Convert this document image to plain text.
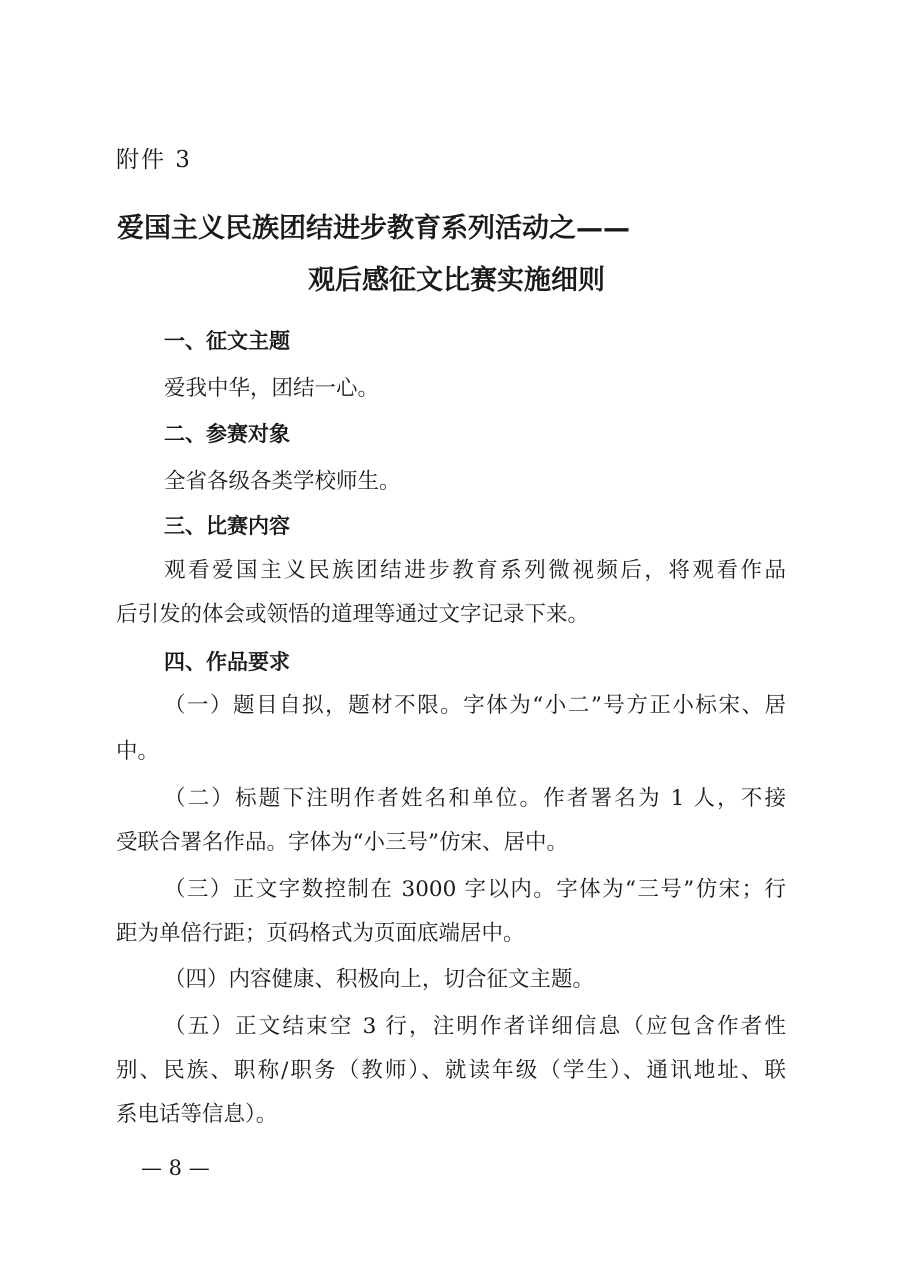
附件 3
爱国主义民族团结进步教育系列活动之——
观后感征文比赛实施细则
一、征文主题
爱我中华，团结一心。
二、参赛对象
全省各级各类学校师生。
三、比赛内容
观看爱国主义民族团结进步教育系列微视频后，将观看作品
后引发的体会或领悟的道理等通过文字记录下来。
四、作品要求
（一）题目自拟，题材不限。字体为“小二”号方正小标宋、居
中。
（二）标题下注明作者姓名和单位。作者署名为 1 人，不接
受联合署名作品。字体为“小三号”仿宋、居中。
（三）正文字数控制在 3000 字以内。字体为“三号”仿宋；行
距为单倍行距；页码格式为页面底端居中。
（四）内容健康、积极向上，切合征文主题。
（五）正文结束空 3 行，注明作者详细信息（应包含作者性
别、民族、职称/职务（教师）、就读年级（学生）、通讯地址、联
系电话等信息）。
— 8 —
